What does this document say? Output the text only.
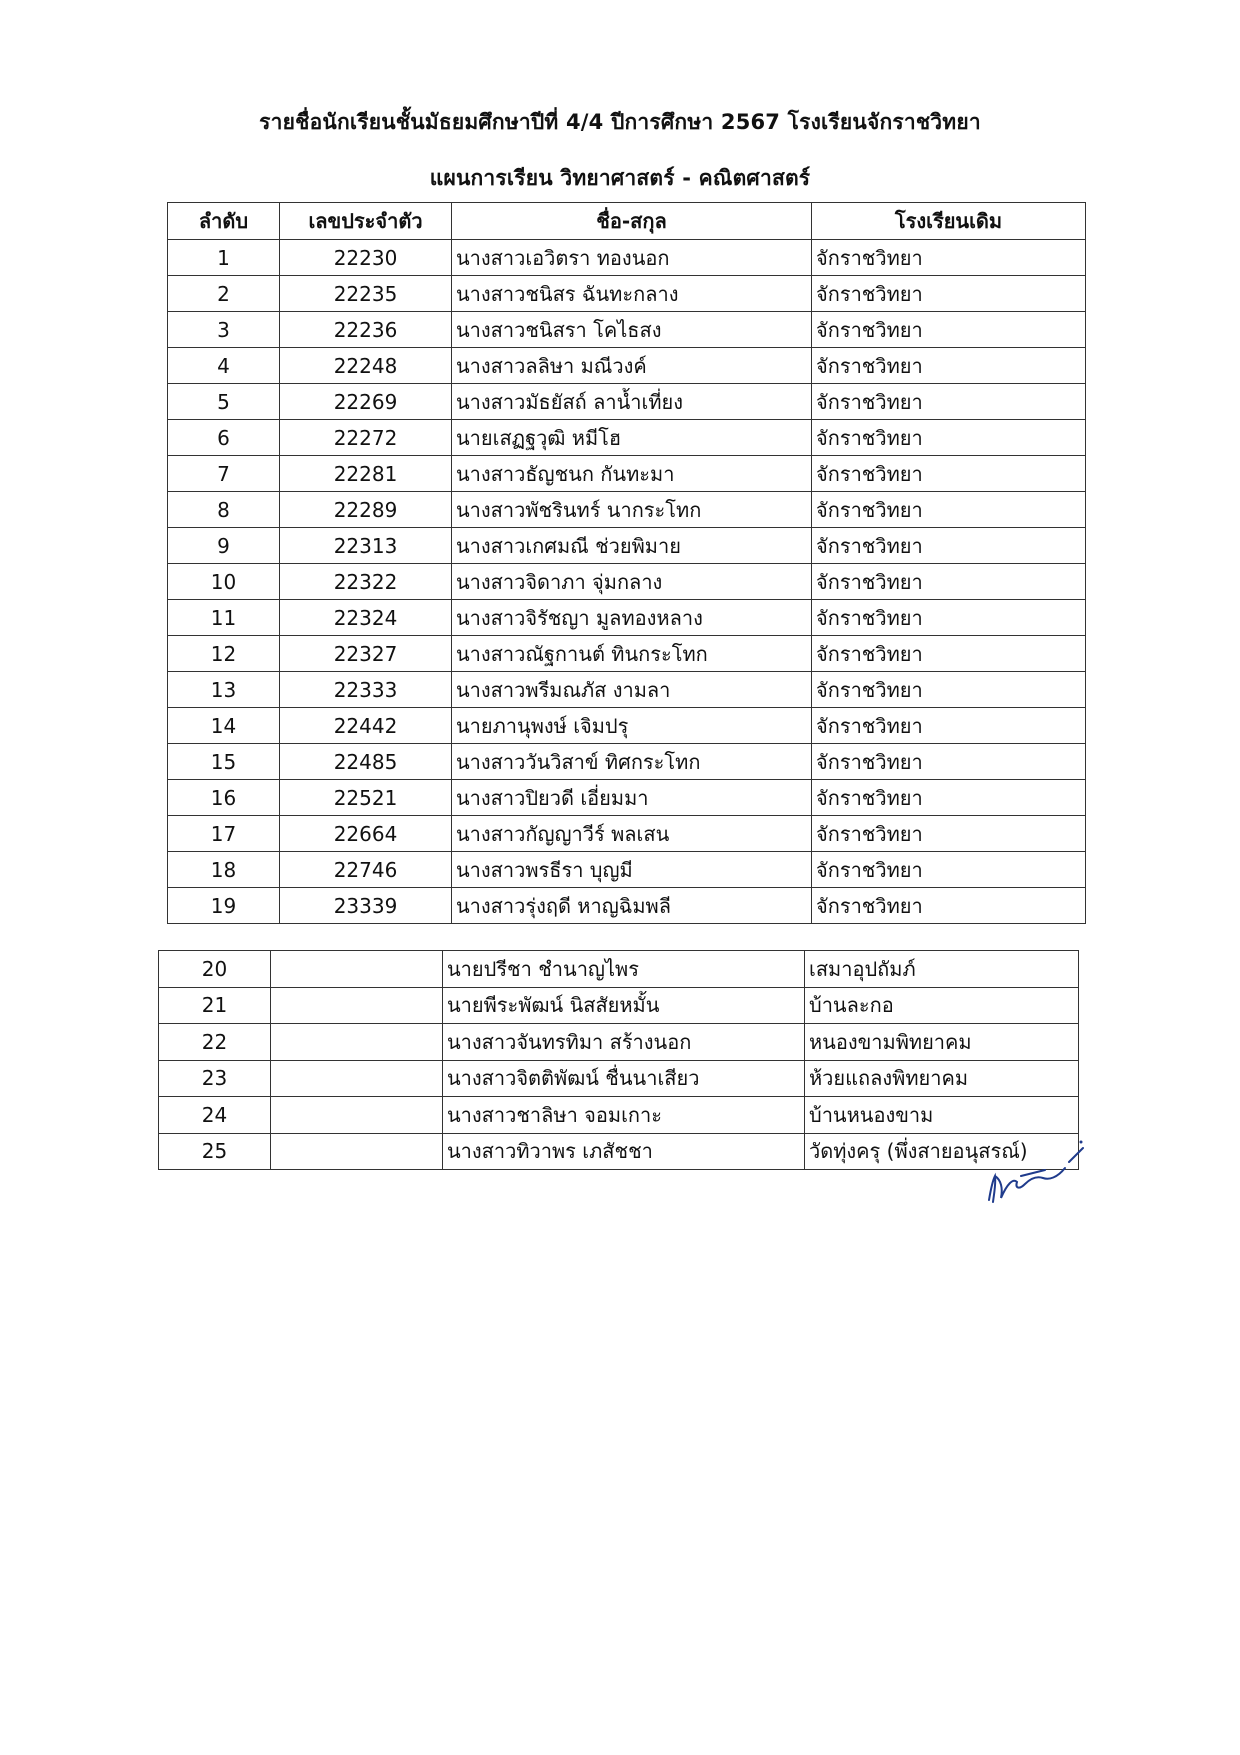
รายชื่อนักเรียนชั้นมัธยมศึกษาปีที่ 4/4 ปีการศึกษา 2567 โรงเรียนจักราชวิทยา
แผนการเรียน วิทยาศาสตร์ - คณิตศาสตร์
ลำดับ	เลขประจำตัว	ชื่อ-สกุล	โรงเรียนเดิม
1	22230	นางสาวเอวิตรา ทองนอก	จักราชวิทยา
2	22235	นางสาวชนิสร ฉันทะกลาง	จักราชวิทยา
3	22236	นางสาวชนิสรา โคไธสง	จักราชวิทยา
4	22248	นางสาวลลิษา มณีวงค์	จักราชวิทยา
5	22269	นางสาวมัธยัสถ์ ลาน้ำเที่ยง	จักราชวิทยา
6	22272	นายเสฏฐวุฒิ หมีโฮ	จักราชวิทยา
7	22281	นางสาวธัญชนก กันทะมา	จักราชวิทยา
8	22289	นางสาวพัชรินทร์ นากระโทก	จักราชวิทยา
9	22313	นางสาวเกศมณี ช่วยพิมาย	จักราชวิทยา
10	22322	นางสาวจิดาภา จุ่มกลาง	จักราชวิทยา
11	22324	นางสาวจิรัชญา มูลทองหลาง	จักราชวิทยา
12	22327	นางสาวณัฐกานต์ ทินกระโทก	จักราชวิทยา
13	22333	นางสาวพรีมณภัส งามลา	จักราชวิทยา
14	22442	นายภานุพงษ์ เจิมปรุ	จักราชวิทยา
15	22485	นางสาววันวิสาข์ ทิศกระโทก	จักราชวิทยา
16	22521	นางสาวปิยวดี เอี่ยมมา	จักราชวิทยา
17	22664	นางสาวกัญญาวีร์ พลเสน	จักราชวิทยา
18	22746	นางสาวพรธีรา บุญมี	จักราชวิทยา
19	23339	นางสาวรุ่งฤดี หาญฉิมพลี	จักราชวิทยา
20		นายปรีชา ชำนาญไพร	เสมาอุปถัมภ์
21		นายพีระพัฒน์ นิสสัยหมั้น	บ้านละกอ
22		นางสาวจันทรทิมา สร้างนอก	หนองขามพิทยาคม
23		นางสาวจิตติพัฒน์ ชื่นนาเสียว	ห้วยแถลงพิทยาคม
24		นางสาวชาลิษา จอมเกาะ	บ้านหนองขาม
25		นางสาวทิวาพร เภสัชชา	วัดทุ่งครุ (พึ่งสายอนุสรณ์)
